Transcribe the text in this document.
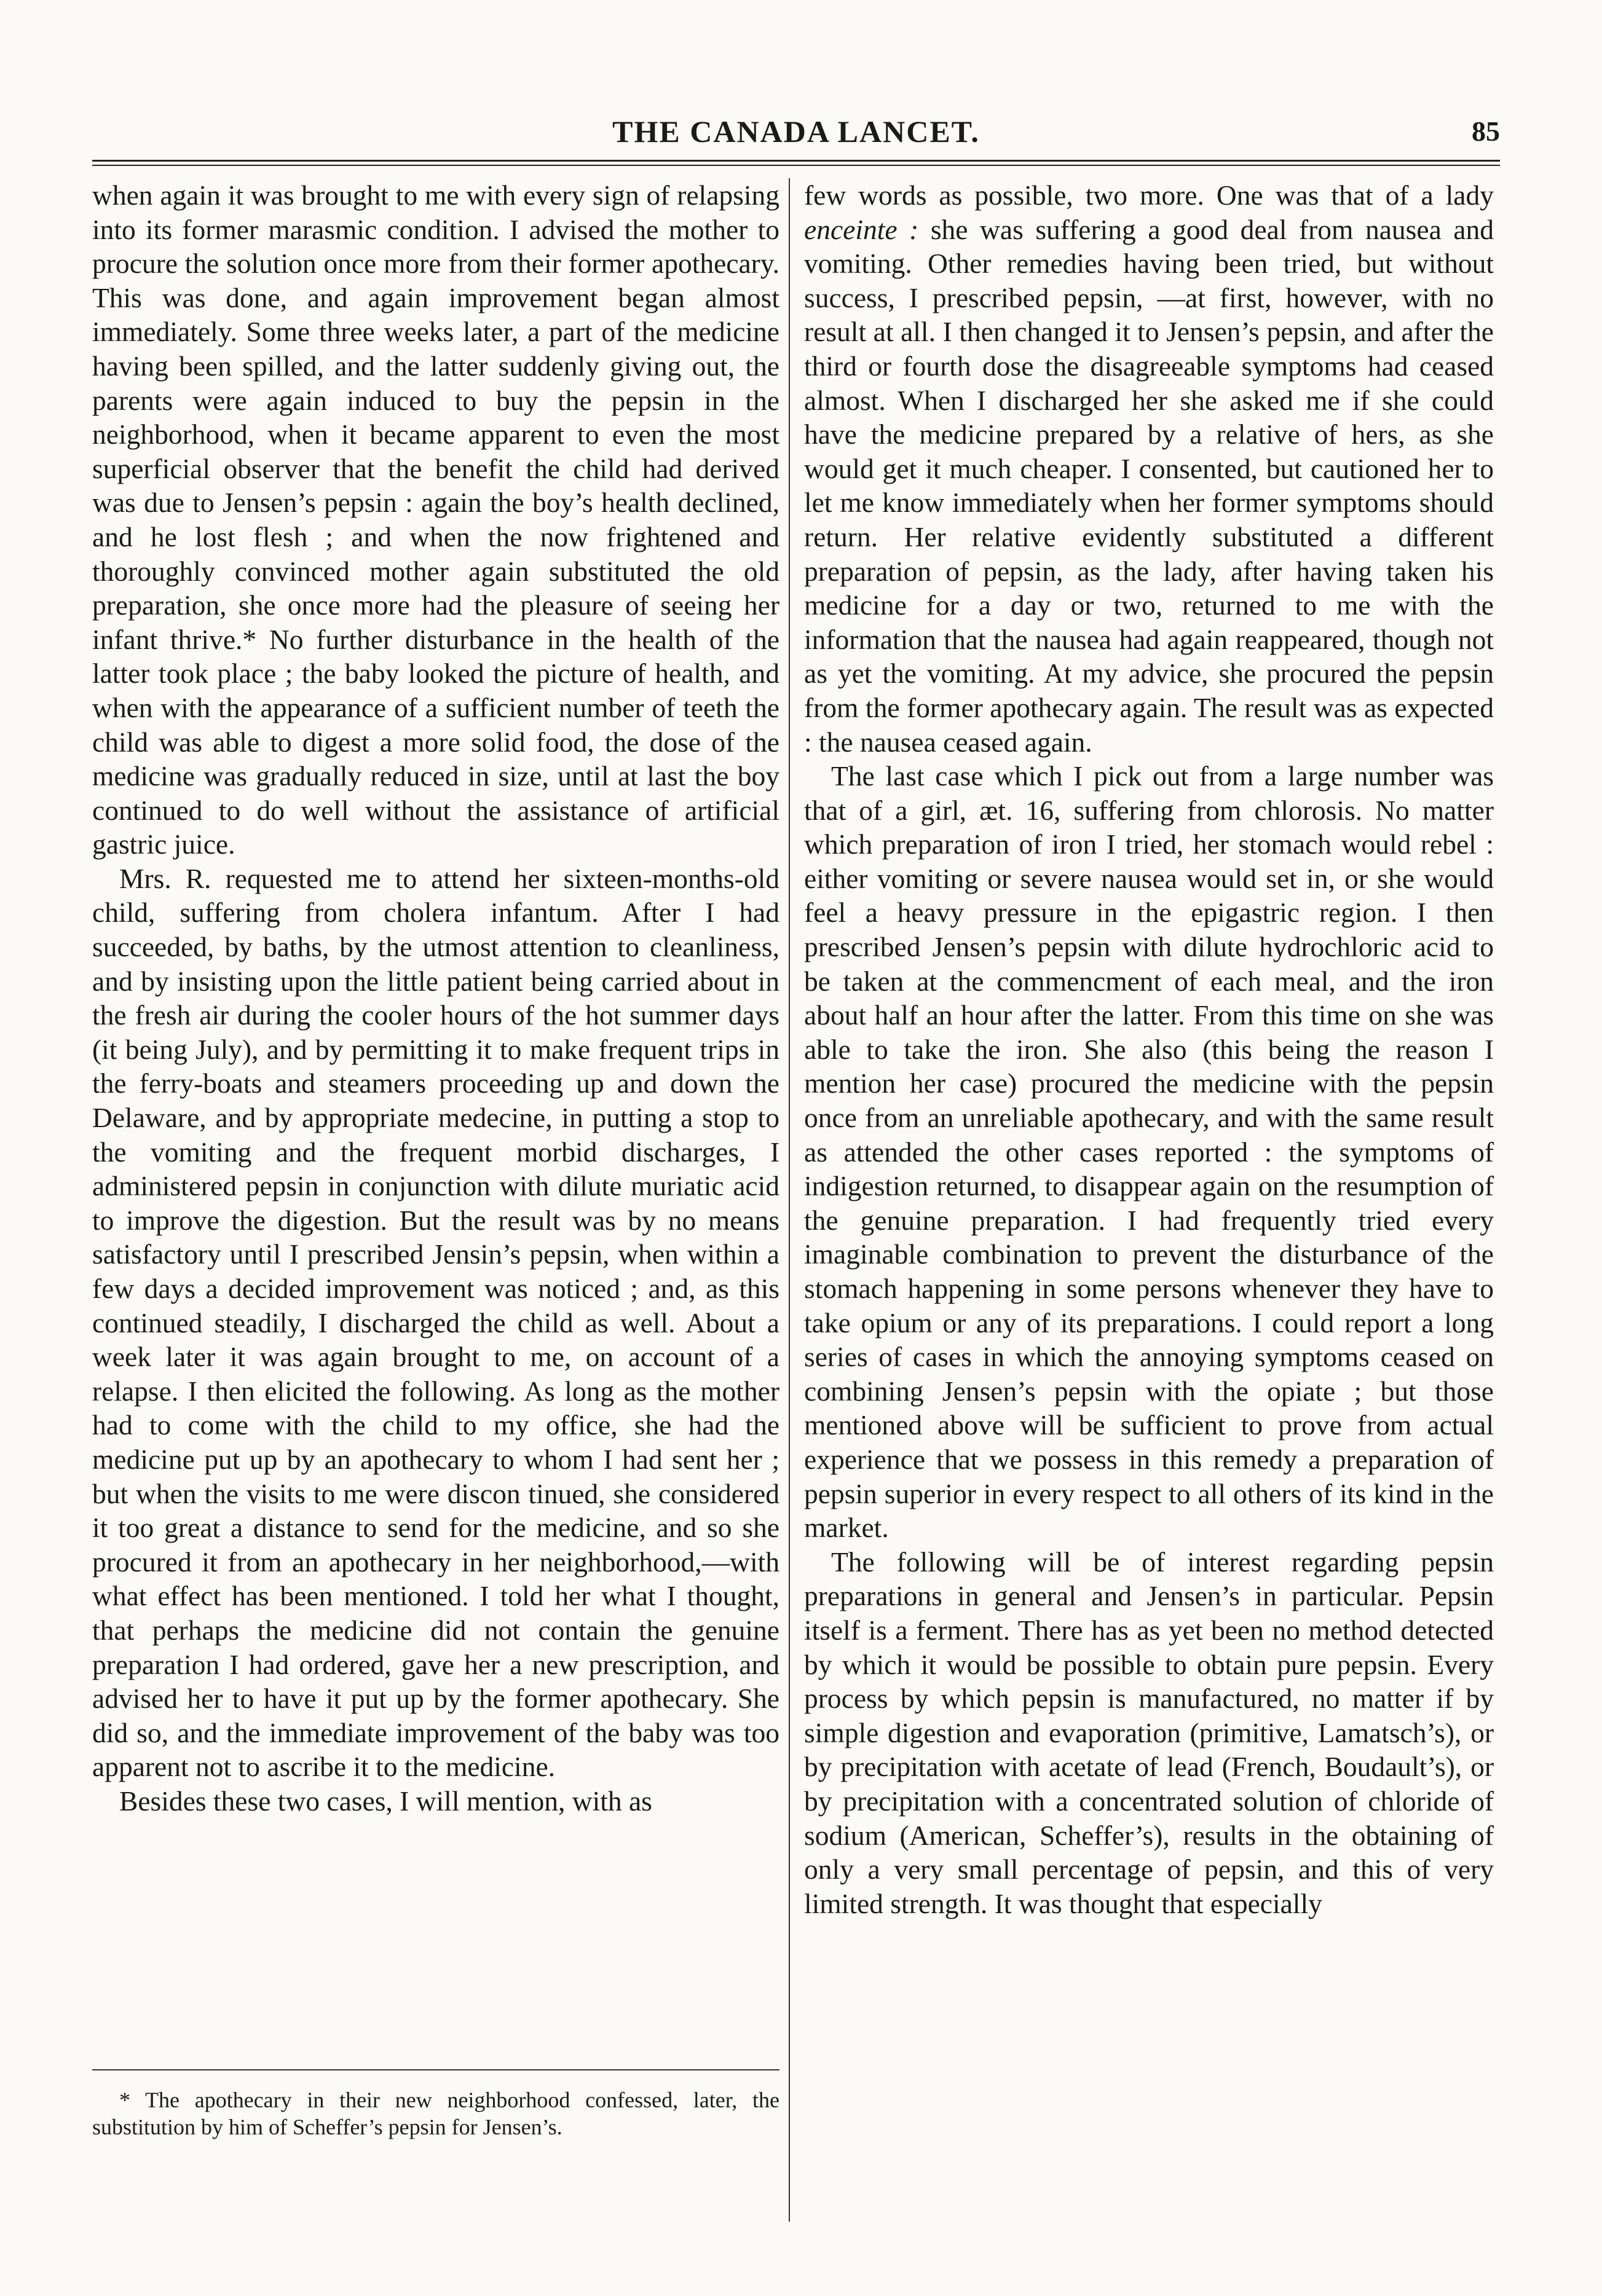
THE CANADA LANCET.	85

when again it was brought to me with every sign of relapsing into its former marasmic condition. I advised the mother to procure the solution once more from their former apothecary. This was done, and again improvement began almost immediately. Some three weeks later, a part of the medicine having been spilled, and the latter suddenly giving out, the parents were again induced to buy the pepsin in the neighborhood, when it became apparent to even the most superficial observer that the benefit the child had derived was due to Jensen’s pepsin : again the boy’s health declined, and he lost flesh ; and when the now frightened and thoroughly convinced mother again substituted the old preparation, she once more had the pleasure of seeing her infant thrive.* No further disturbance in the health of the latter took place ; the baby looked the picture of health, and when with the appearance of a sufficient number of teeth the child was able to digest a more solid food, the dose of the medicine was gradually reduced in size, until at last the boy continued to do well without the assistance of artificial gastric juice.

Mrs. R. requested me to attend her sixteen-months-old child, suffering from cholera infantum. After I had succeeded, by baths, by the utmost attention to cleanliness, and by insisting upon the little patient being carried about in the fresh air during the cooler hours of the hot summer days (it being July), and by permitting it to make frequent trips in the ferry-boats and steamers proceeding up and down the Delaware, and by appropriate medecine, in putting a stop to the vomiting and the frequent morbid discharges, I administered pepsin in conjunction with dilute muriatic acid to improve the digestion. But the result was by no means satisfactory until I prescribed Jensin’s pepsin, when within a few days a decided improvement was noticed ; and, as this continued steadily, I discharged the child as well. About a week later it was again brought to me, on account of a relapse. I then elicited the following. As long as the mother had to come with the child to my office, she had the medicine put up by an apothecary to whom I had sent her ; but when the visits to me were discon tinued, she considered it too great a distance to send for the medicine, and so she procured it from an apothecary in her neighborhood,—with what effect has been mentioned. I told her what I thought, that perhaps the medicine did not contain the genuine preparation I had ordered, gave her a new prescription, and advised her to have it put up by the former apothecary. She did so, and the immediate improvement of the baby was too apparent not to ascribe it to the medicine.

Besides these two cases, I will mention, with as

* The apothecary in their new neighborhood confessed, later, the substitution by him of Scheffer’s pepsin for Jensen’s.

few words as possible, two more. One was that of a lady enceinte : she was suffering a good deal from nausea and vomiting. Other remedies having been tried, but without success, I prescribed pepsin, —at first, however, with no result at all. I then changed it to Jensen’s pepsin, and after the third or fourth dose the disagreeable symptoms had ceased almost. When I discharged her she asked me if she could have the medicine prepared by a relative of hers, as she would get it much cheaper. I consented, but cautioned her to let me know immediately when her former symptoms should return. Her relative evidently substituted a different preparation of pepsin, as the lady, after having taken his medicine for a day or two, returned to me with the information that the nausea had again reappeared, though not as yet the vomiting. At my advice, she procured the pepsin from the former apothecary again. The result was as expected : the nausea ceased again.

The last case which I pick out from a large number was that of a girl, æt. 16, suffering from chlorosis. No matter which preparation of iron I tried, her stomach would rebel : either vomiting or severe nausea would set in, or she would feel a heavy pressure in the epigastric region. I then prescribed Jensen’s pepsin with dilute hydrochloric acid to be taken at the commencment of each meal, and the iron about half an hour after the latter. From this time on she was able to take the iron. She also (this being the reason I mention her case) procured the medicine with the pepsin once from an unreliable apothecary, and with the same result as attended the other cases reported : the symptoms of indigestion returned, to disappear again on the resumption of the genuine preparation. I had frequently tried every imaginable combination to prevent the disturbance of the stomach happening in some persons whenever they have to take opium or any of its preparations. I could report a long series of cases in which the annoying symptoms ceased on combining Jensen’s pepsin with the opiate ; but those mentioned above will be sufficient to prove from actual experience that we possess in this remedy a preparation of pepsin superior in every respect to all others of its kind in the market.

The following will be of interest regarding pepsin preparations in general and Jensen’s in particular. Pepsin itself is a ferment. There has as yet been no method detected by which it would be possible to obtain pure pepsin. Every process by which pepsin is manufactured, no matter if by simple digestion and evaporation (primitive, Lamatsch’s), or by precipitation with acetate of lead (French, Boudault’s), or by precipitation with a concentrated solution of chloride of sodium (American, Scheffer’s), results in the obtaining of only a very small percentage of pepsin, and this of very limited strength. It was thought that especially
